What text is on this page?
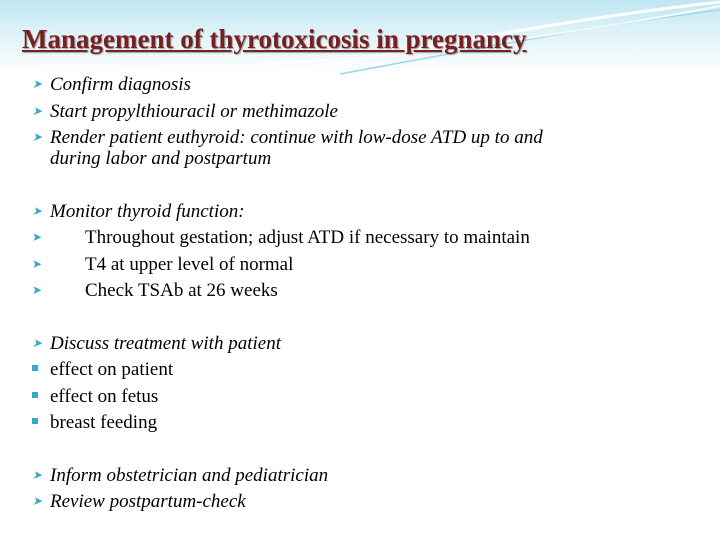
Management of thyrotoxicosis in pregnancy
➤ Confirm diagnosis
➤ Start propylthiouracil or methimazole
➤ Render patient euthyroid: continue with low-dose ATD up to and
during labor and postpartum
➤ Monitor thyroid function:
➤ Throughout gestation; adjust ATD if necessary to maintain
➤ T4 at upper level of normal
➤ Check TSAb at 26 weeks
➤ Discuss treatment with patient
effect on patient
effect on fetus
breast feeding
➤ Inform obstetrician and pediatrician
➤ Review postpartum-check
